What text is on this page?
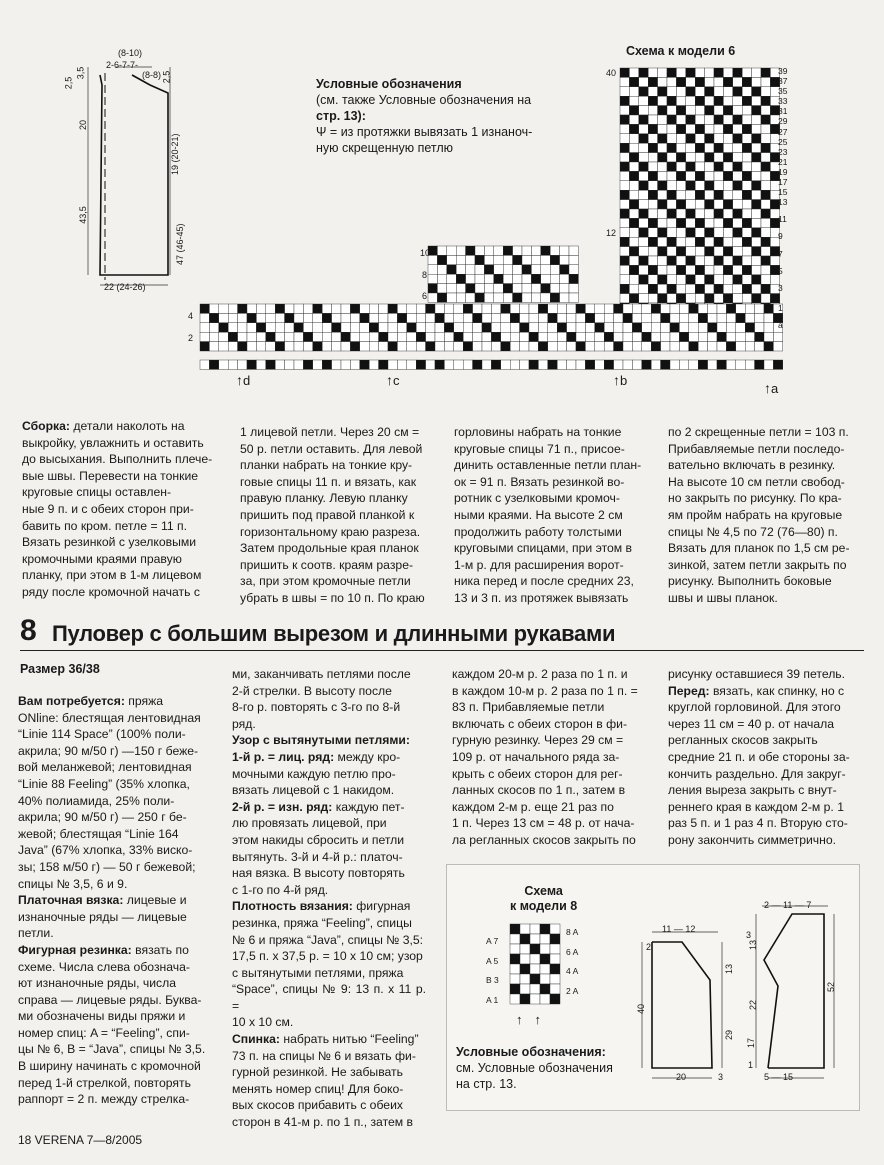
(8-10)
2-6-7-7-
(8-8)
2,5
3,5	2,5
20
19 (20-21)
43,5
47 (46-45)
22 (24-26)
Условные обозначения
(см. также Условные обозначения на
стр. 13):
Ψ = из протяжки вывязать 1 изнаноч-
ную скрещенную петлю
Схема к модели 6
40
12
10
8
6
4
2
39
37
35
33
31
29
27
25
23
21
19
17
15
13
11
9
7
5
3
1
a
↑d	↑c	↑b	↑a

Сборка: детали наколоть на

выкройку, увлажнить и оставить

до высыхания. Выполнить плече-

вые швы. Перевести на тонкие

круговые спицы оставлен-

ные 9 п. и с обеих сторон при-

бавить по кром. петле = 11 п.

Вязать резинкой с узелковыми

кромочными краями правую

планку, при этом в 1-м лицевом

ряду после кромочной начать с

1 лицевой петли. Через 20 см =

50 р. петли оставить. Для левой

планки набрать на тонкие кру-

говые спицы 11 п. и вязать, как

правую планку. Левую планку

пришить под правой планкой к

горизонтальному краю разреза.

Затем продольные края планок

пришить к соотв. краям разре-

за, при этом кромочные петли

убрать в швы = по 10 п. По краю

горловины набрать на тонкие

круговые спицы 71 п., присое-

динить оставленные петли план-

ок = 91 п. Вязать резинкой во-

ротник с узелковыми кромоч-

ными краями. На высоте 2 см

продолжить работу толстыми

круговыми спицами, при этом в

1-м р. для расширения ворот-

ника перед и после средних 23,

13 и 3 п. из протяжек вывязать

по 2 скрещенные петли = 103 п.

Прибавляемые петли последо-

вательно включать в резинку.

На высоте 10 см петли свобод-

но закрыть по рисунку. По кра-

ям пройм набрать на круговые

спицы № 4,5 по 72 (76—80) п.

Вязать для планок по 1,5 см ре-

зинкой, затем петли закрыть по

рисунку. Выполнить боковые

швы и швы планок.

8 Пуловер с большим вырезом и длинными рукавами
Размер 36/38

Вам потребуется: пряжа

ONline: блестящая лентовидная

“Linie 114 Space” (100% поли-

акрила; 90 м/50 г) —150 г беже-

вой меланжевой; лентовидная

“Linie 88 Feeling” (35% хлопка,

40% полиамида, 25% поли-

акрила; 90 м/50 г) — 250 г бе-

жевой; блестящая “Linie 164

Java” (67% хлопка, 33% виско-

зы; 158 м/50 г) — 50 г бежевой;

спицы № 3,5, 6 и 9.

Платочная вязка: лицевые и

изнаночные ряды — лицевые

петли.

Фигурная резинка: вязать по

схеме. Числа слева обознача-

ют изнаночные ряды, числа

справа — лицевые ряды. Буква-

ми обозначены виды пряжи и

номер спиц: A = “Feeling”, спи-

цы № 6, B = “Java”, спицы № 3,5.

В ширину начинать с кромочной

перед 1-й стрелкой, повторять

раппорт = 2 п. между стрелка-

ми, заканчивать петлями после

2-й стрелки. В высоту после

8-го р. повторять с 3-го по 8-й

ряд.

Узор с вытянутыми петлями:

1-й р. = лиц. ряд: между кро-

мочными каждую петлю про-

вязать лицевой с 1 накидом.

2-й р. = изн. ряд: каждую пет-

лю провязать лицевой, при

этом накиды сбросить и петли

вытянуть. 3-й и 4-й р.: платоч-

ная вязка. В высоту повторять

с 1-го по 4-й ряд.

Плотность вязания: фигурная

резинка, пряжа “Feeling”, спицы

№ 6 и пряжа “Java”, спицы № 3,5:

17,5 п. х 37,5 р. = 10 х 10 см; узор

с вытянутыми петлями, пряжа

“Space”, спицы № 9: 13 п. х 11 р. =

10 х 10 см.

Спинка: набрать нитью “Feeling”

73 п. на спицы № 6 и вязать фи-

гурной резинкой. Не забывать

менять номер спиц! Для боко-

вых скосов прибавить с обеих

сторон в 41-м р. по 1 п., затем в

каждом 20-м р. 2 раза по 1 п. и

в каждом 10-м р. 2 раза по 1 п. =

83 п. Прибавляемые петли

включать с обеих сторон в фи-

гурную резинку. Через 29 см =

109 р. от начального ряда за-

крыть с обеих сторон для рег-

ланных скосов по 1 п., затем в

каждом 2-м р. еще 21 раз по

1 п. Через 13 см = 48 р. от нача-

ла регланных скосов закрыть по

рисунку оставшиеся 39 петель.

Перед: вязать, как спинку, но с

круглой горловиной. Для этого

через 11 см = 40 р. от начала

регланных скосов закрыть

средние 21 п. и обе стороны за-

кончить раздельно. Для закруг-

ления выреза закрыть с внут-

реннего края в каждом 2-м р. 1

раз 5 п. и 1 раз 4 п. Вторую сто-

рону закончить симметрично.

Схема
к модели 8
A 7
A 5
B 3
A 1
8 A
6 A
4 A
2 A
↑↑
Условные обозначения:
см. Условные обозначения
на стр. 13.
11 — 12
2
40
29
13
3
20	3
2 — 11 — 7
52
13
22
17
1
5 — 15
18 VERENA 7—8/2005
